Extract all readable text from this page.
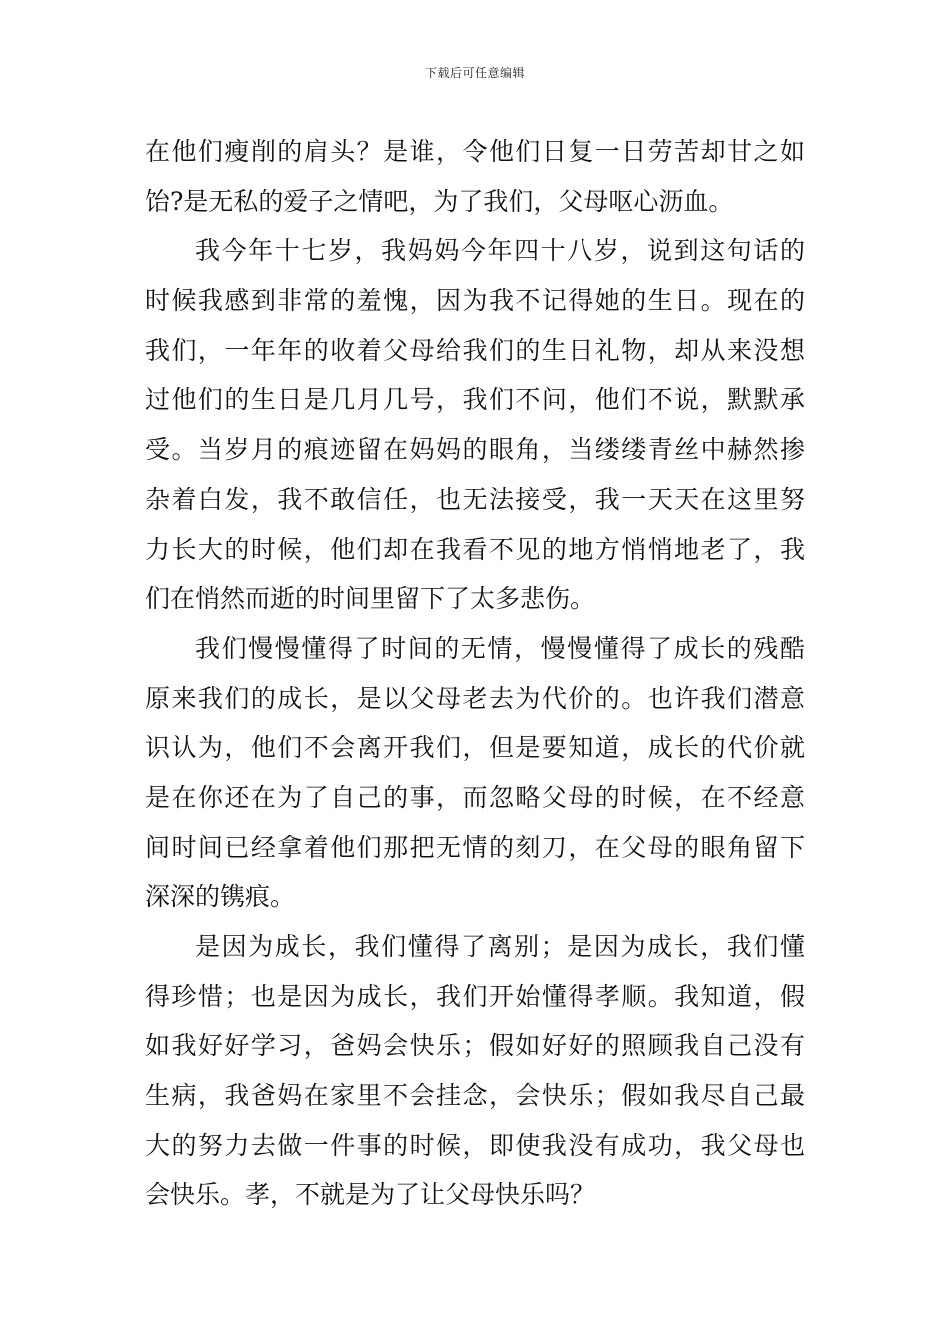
下载后可任意编辑
在他们瘦削的肩头？是谁，令他们日复一日劳苦却甘之如
饴?是无私的爱子之情吧，为了我们，父母呕心沥血。
我今年十七岁，我妈妈今年四十八岁，说到这句话的
时候我感到非常的羞愧，因为我不记得她的生日。现在的
我们，一年年的收着父母给我们的生日礼物，却从来没想
过他们的生日是几月几号，我们不问，他们不说，默默承
受。当岁月的痕迹留在妈妈的眼角，当缕缕青丝中赫然掺
杂着白发，我不敢信任，也无法接受，我一天天在这里努
力长大的时候，他们却在我看不见的地方悄悄地老了，我
们在悄然而逝的时间里留下了太多悲伤。
我们慢慢懂得了时间的无情，慢慢懂得了成长的残酷
原来我们的成长，是以父母老去为代价的。也许我们潜意
识认为，他们不会离开我们，但是要知道，成长的代价就
是在你还在为了自己的事，而忽略父母的时候，在不经意
间时间已经拿着他们那把无情的刻刀，在父母的眼角留下
深深的镌痕。
是因为成长，我们懂得了离别；是因为成长，我们懂
得珍惜；也是因为成长，我们开始懂得孝顺。我知道，假
如我好好学习，爸妈会快乐；假如好好的照顾我自己没有
生病，我爸妈在家里不会挂念，会快乐；假如我尽自己最
大的努力去做一件事的时候，即使我没有成功，我父母也
会快乐。孝，不就是为了让父母快乐吗？
